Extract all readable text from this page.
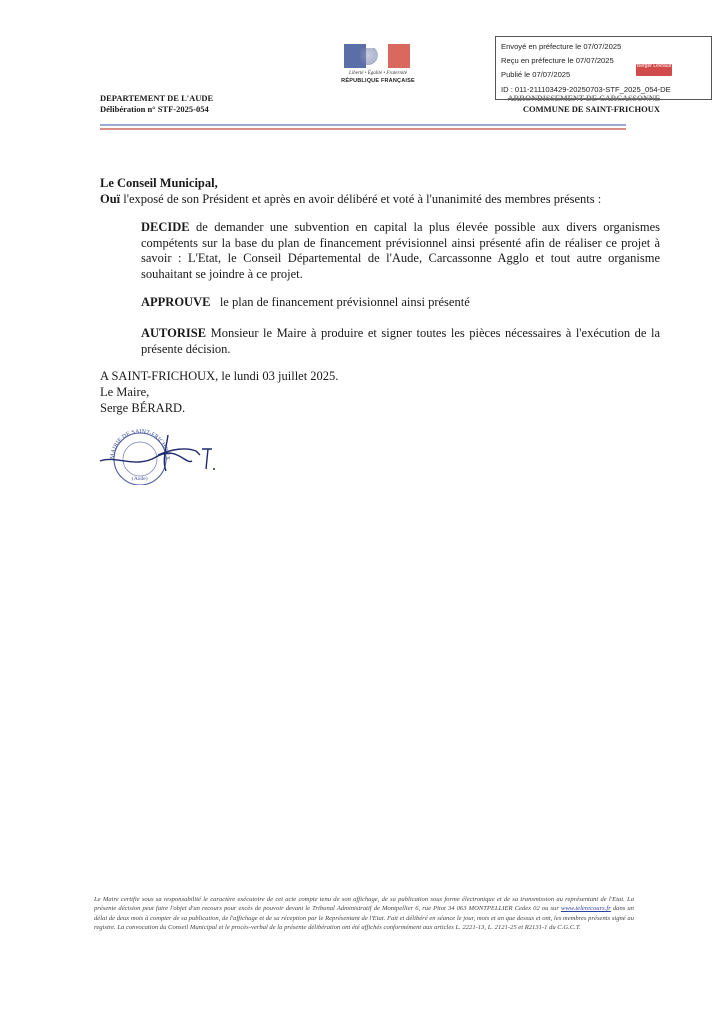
Liberté • Égalité • Fraternité
RÉPUBLIQUE FRANÇAISE
Envoyé en préfecture le 07/07/2025
Reçu en préfecture le 07/07/2025
Publié le 07/07/2025
ID : 011-211103429-20250703-STF_2025_054-DE
Berger Levrault
DEPARTEMENT DE L'AUDE
Délibération n° STF-2025-054
ARRONDISSEMENT DE CARCASSONNE
COMMUNE DE SAINT-FRICHOUX
Le Conseil Municipal,
Ouï l'exposé de son Président et après en avoir délibéré et voté à l'unanimité des membres présents :
DECIDE de demander une subvention en capital la plus élevée possible aux divers organismes compétents sur la base du plan de financement prévisionnel ainsi présenté afin de réaliser ce projet à savoir : L'Etat, le Conseil Départemental de l'Aude, Carcassonne Agglo et tout autre organisme souhaitant se joindre à ce projet.
APPROUVE   le plan de financement prévisionnel ainsi présenté
AUTORISE Monsieur le Maire à produire et signer toutes les pièces nécessaires à l'exécution de la présente décision.
A SAINT-FRICHOUX, le lundi 03 juillet 2025.
Le Maire,
Serge BÉRARD.
MAIRIE DE SAINT-FRICHOUX
(Aude)
Le Maire certifie sous sa responsabilité le caractère exécutoire de cet acte compte tenu de son affichage, de sa publication sous forme électronique et de sa transmission au représentant de l'Etat. La présente décision peut faire l'objet d'un recours pour excès de pouvoir devant le Tribunal Administratif de Montpellier 6, rue Pitot 34 063 MONTPELLIER Cedex 02 ou sur www.telerecours.fr dans un délai de deux mois à compter de sa publication, de l'affichage et de sa réception par le Représentant de l'Etat. Fait et délibéré en séance le jour, mois et an que dessus et ont, les membres présents signé au registre. La convocation du Conseil Municipal et le procès-verbal de la présente délibération ont été affichés conformément aux articles L. 2221-13, L. 2121-25 et R2131-1 du C.G.C.T.
